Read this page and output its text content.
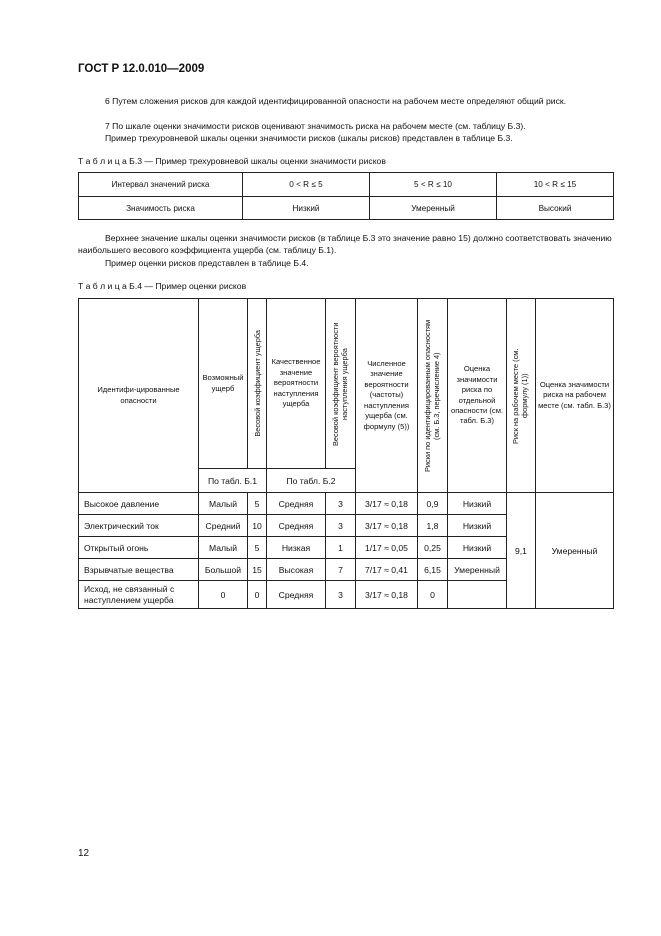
ГОСТ Р 12.0.010—2009
6 Путем сложения рисков для каждой идентифицированной опасности на рабочем месте определяют общий риск.
7 По шкале оценки значимости рисков оценивают значимость риска на рабочем месте (см. таблицу Б.3).
Пример трехуровневой шкалы оценки значимости рисков (шкалы рисков) представлен в таблице Б.3.
Т а б л и ц а Б.3 — Пример трехуровневой шкалы оценки значимости рисков
Интервал значений риска	0 < R ≤ 5	5 < R ≤ 10	10 < R ≤ 15
Значимость риска	Низкий	Умеренный	Высокий
Верхнее значение шкалы оценки значимости рисков (в таблице Б.3 это значение равно 15) должно соответствовать значению наибольшего весового коэффициента ущерба (см. таблицу Б.1).
Пример оценки рисков представлен в таблице Б.4.
Т а б л и ц а Б.4 — Пример оценки рисков
Идентифи-цированные опасности	Возможный ущерб	Весовой коэффициент ущерба	Качественное значение вероятности наступления ущерба	Весовой коэффициент вероятности наступления ущерба	Численное значение вероятности (частоты) наступления ущерба (см. формулу (5))	Риски по идентифицированным опасностям (см. Б.3, перечисление 4)	Оценка значимости риска по отдельной опасности (см. табл. Б.3)	Риск на рабочем месте (см. формулу (1))	Оценка значимости риска на рабочем месте (см. табл. Б.3)
	По табл. Б.1		По табл. Б.2						
Высокое давление	Малый	5	Средняя	3	3/17 ≈ 0,18	0,9	Низкий	9,1	Умеренный
Электрический ток	Средний	10	Средняя	3	3/17 ≈ 0,18	1,8	Низкий		
Открытый огонь	Малый	5	Низкая	1	1/17 ≈ 0,05	0,25	Низкий		
Взрывчатые вещества	Большой	15	Высокая	7	7/17 ≈ 0,41	6,15	Умеренный		
Исход, не связанный с наступлением ущерба	0	0	Средняя	3	3/17 ≈ 0,18	0			
12
